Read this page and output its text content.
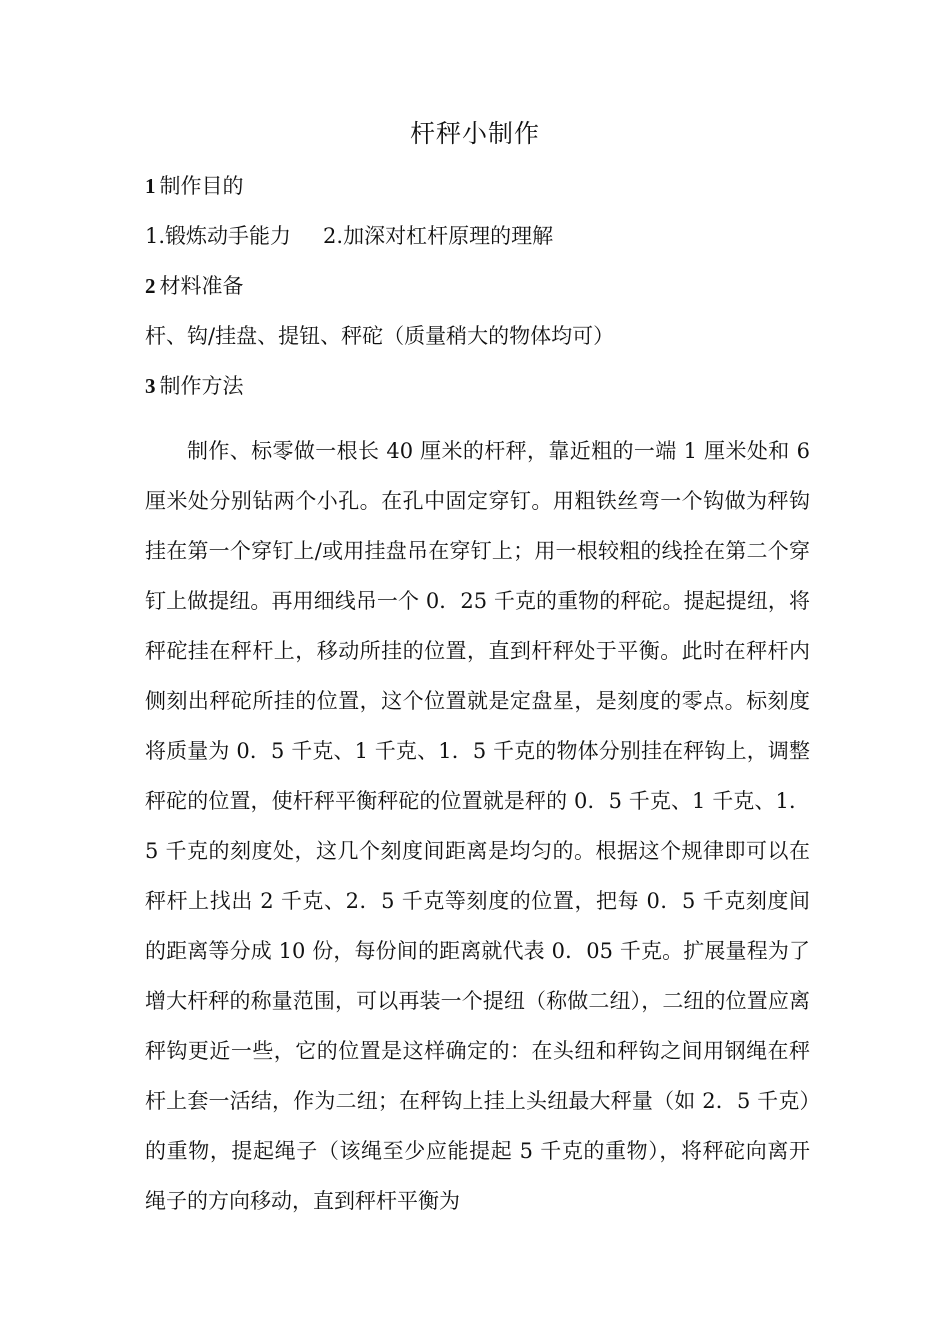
杆秤小制作
1 制作目的
1.锻炼动手能力 2.加深对杠杆原理的理解
2 材料准备
杆、钩/挂盘、提钮、秤砣（质量稍大的物体均可）
3 制作方法
制作、标零做一根长 40 厘米的杆秤，靠近粗的一端 1 厘米处和 6 厘米处分别钻两个小孔。在孔中固定穿钉。用粗铁丝弯一个钩做为秤钩挂在第一个穿钉上/或用挂盘吊在穿钉上；用一根较粗的线拴在第二个穿钉上做提纽。再用细线吊一个 0．25 千克的重物的秤砣。提起提纽，将秤砣挂在秤杆上，移动所挂的位置，直到杆秤处于平衡。此时在秤杆内侧刻出秤砣所挂的位置，这个位置就是定盘星，是刻度的零点。标刻度将质量为 0．5 千克、1 千克、1．5 千克的物体分别挂在秤钩上，调整秤砣的位置，使杆秤平衡秤砣的位置就是秤的 0．5 千克、1 千克、1．5 千克的刻度处，这几个刻度间距离是均匀的。根据这个规律即可以在秤杆上找出 2 千克、2．5 千克等刻度的位置，把每 0．5 千克刻度间的距离等分成 10 份，每份间的距离就代表 0．05 千克。扩展量程为了增大杆秤的称量范围，可以再装一个提纽（称做二纽），二纽的位置应离秤钩更近一些，它的位置是这样确定的：在头纽和秤钩之间用钢绳在秤杆上套一活结，作为二纽；在秤钩上挂上头纽最大秤量（如 2．5 千克）的重物，提起绳子（该绳至少应能提起 5 千克的重物），将秤砣向离开绳子的方向移动，直到秤杆平衡为
